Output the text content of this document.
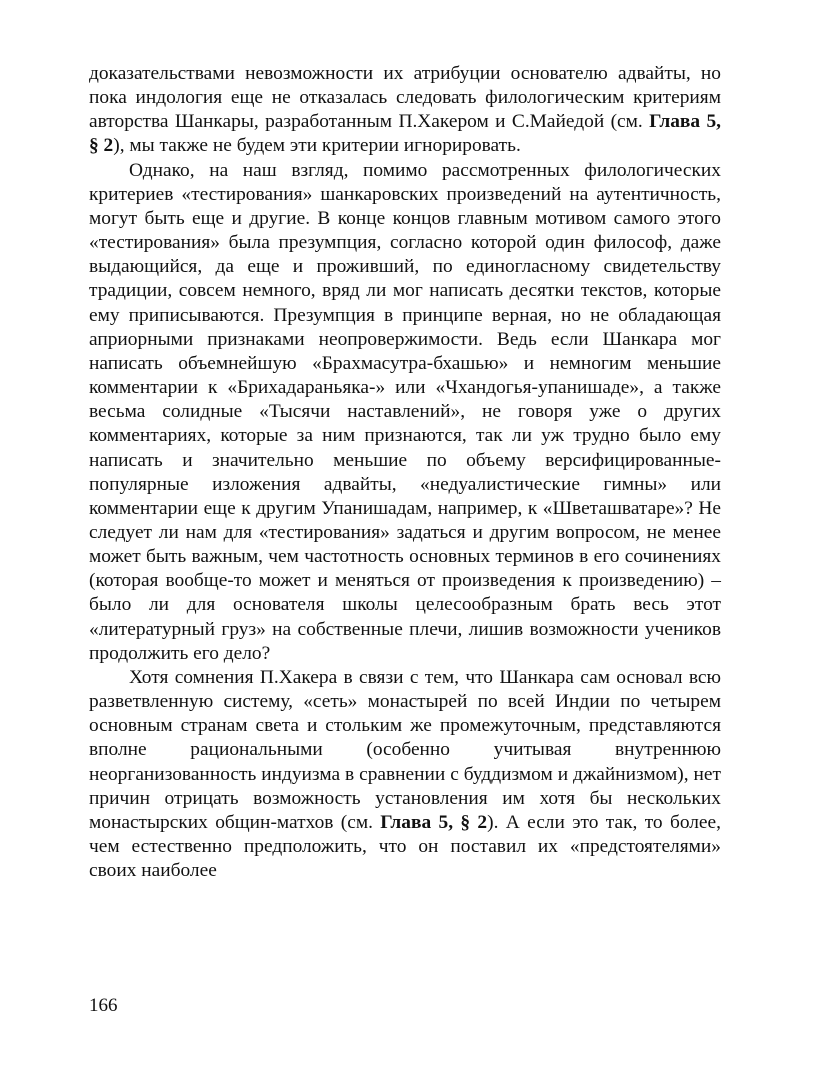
доказательствами невозможности их атрибуции основателю адвайты, но пока индология еще не отказалась следовать филологическим критериям авторства Шанкары, разработанным П.Хакером и С.Майедой (см. Глава 5, § 2), мы также не будем эти критерии игнорировать.

Однако, на наш взгляд, помимо рассмотренных филологических критериев «тестирования» шанкаровских произведений на аутентичность, могут быть еще и другие. В конце концов главным мотивом самого этого «тестирования» была презумпция, согласно которой один философ, даже выдающийся, да еще и проживший, по единогласному свидетельству традиции, совсем немного, вряд ли мог написать десятки текстов, которые ему приписываются. Презумпция в принципе верная, но не обладающая априорными признаками неопровержимости. Ведь если Шанкара мог написать объемнейшую «Брахмасутра-бхашью» и немногим меньшие комментарии к «Брихадараньяка-» или «Чхандогья-упанишаде», а также весьма солидные «Тысячи наставлений», не говоря уже о других комментариях, которые за ним признаются, так ли уж трудно было ему написать и значительно меньшие по объему версифицированные-популярные изложения адвайты, «недуалистические гимны» или комментарии еще к другим Упанишадам, например, к «Шветашватаре»? Не следует ли нам для «тестирования» задаться и другим вопросом, не менее может быть важным, чем частотность основных терминов в его сочинениях (которая вообще-то может и меняться от произведения к произведению) – было ли для основателя школы целесообразным брать весь этот «литературный груз» на собственные плечи, лишив возможности учеников продолжить его дело?

Хотя сомнения П.Хакера в связи с тем, что Шанкара сам основал всю разветвленную систему, «сеть» монастырей по всей Индии по четырем основным странам света и стольким же промежуточным, представляются вполне рациональными (особенно учитывая внутреннюю неорганизованность индуизма в сравнении с буддизмом и джайнизмом), нет причин отрицать возможность установления им хотя бы нескольких монастырских общин-матхов (см. Глава 5, § 2). А если это так, то более, чем естественно предположить, что он поставил их «предстоятелями» своих наиболее

166
